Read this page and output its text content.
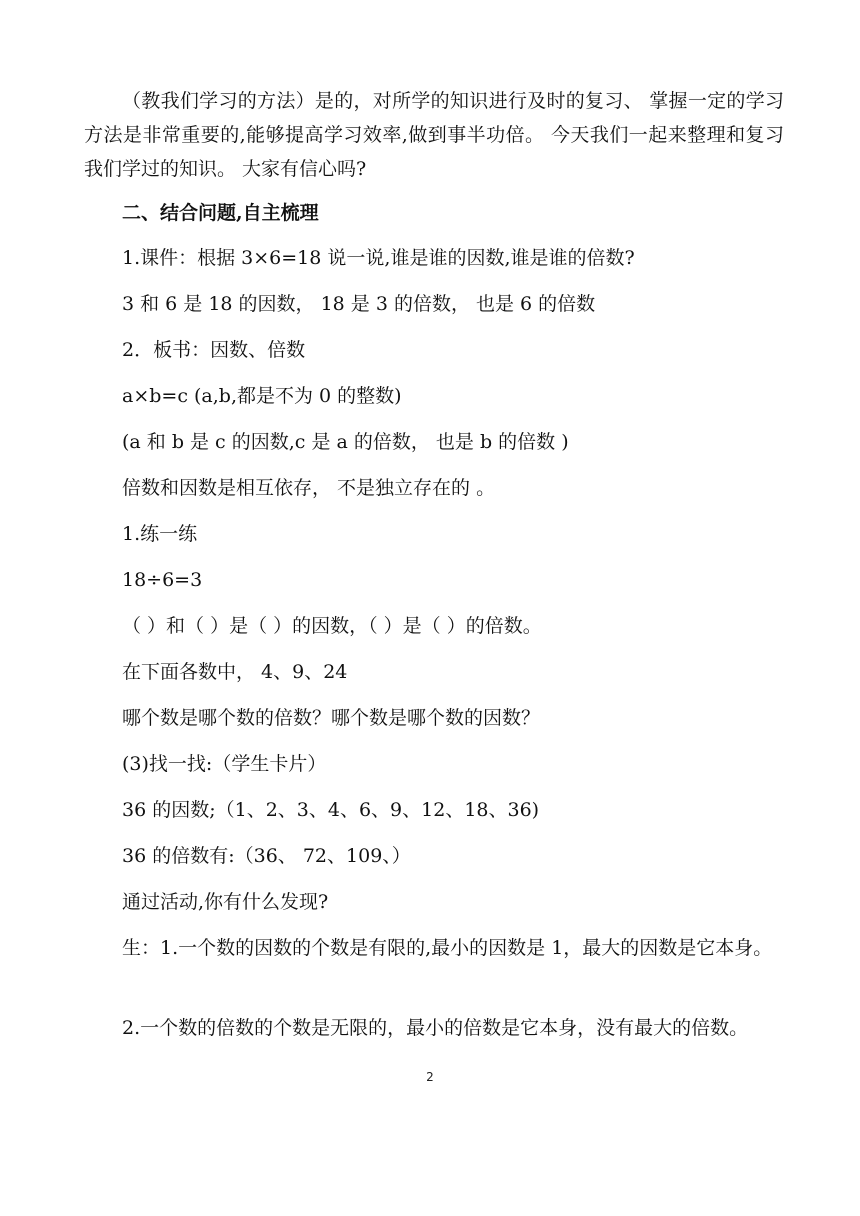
（教我们学习的方法）是的，对所学的知识进行及时的复习、 掌握一定的学习方法是非常重要的,能够提高学习效率,做到事半功倍。 今天我们一起来整理和复习我们学过的知识。 大家有信心吗?

二、结合问题,自主梳理

1.课件：根据 3×6=18 说一说,谁是谁的因数,谁是谁的倍数?

3 和 6 是 18 的因数， 18 是 3 的倍数， 也是 6 的倍数

2．板书：因数、倍数

a×b=c (a,b,都是不为 0 的整数)

(a 和 b 是 c 的因数,c 是 a 的倍数， 也是 b 的倍数 )

倍数和因数是相互依存， 不是独立存在的 。

1.练一练

18÷6=3

（ ）和（ ）是（ ）的因数，（ ）是（ ）的倍数。

在下面各数中， 4、9、24

哪个数是哪个数的倍数？哪个数是哪个数的因数？

(3)找一找:（学生卡片）

36 的因数;（1、2、3、4、6、9、12、18、36)

36 的倍数有:（36、 72、109、）

通过活动,你有什么发现?

生：1.一个数的因数的个数是有限的,最小的因数是 1，最大的因数是它本身。

2.一个数的倍数的个数是无限的，最小的倍数是它本身，没有最大的倍数。

2
